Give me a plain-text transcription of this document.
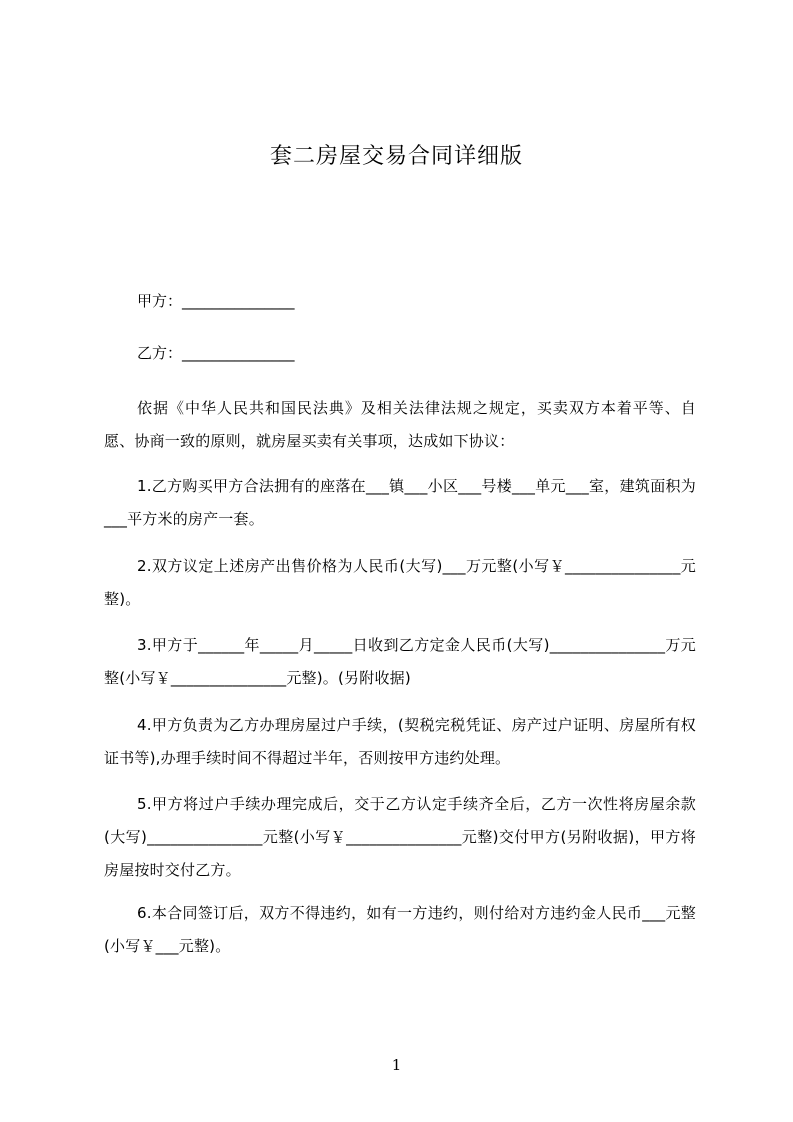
套二房屋交易合同详细版
甲方：_______________
乙方：_______________
依据《中华人民共和国民法典》及相关法律法规之规定，买卖双方本着平等、自愿、协商一致的原则，就房屋买卖有关事项，达成如下协议：
1.乙方购买甲方合法拥有的座落在___镇___小区___号楼___单元___室，建筑面积为___平方米的房产一套。
2.双方议定上述房产出售价格为人民币(大写)___万元整(小写￥_______________元整)。
3.甲方于______年_____月_____日收到乙方定金人民币(大写)_______________万元整(小写￥_______________元整)。(另附收据)
4.甲方负责为乙方办理房屋过户手续，(契税完税凭证、房产过户证明、房屋所有权证书等),办理手续时间不得超过半年，否则按甲方违约处理。
5.甲方将过户手续办理完成后，交于乙方认定手续齐全后，乙方一次性将房屋余款(大写)_______________元整(小写￥_______________元整)交付甲方(另附收据)，甲方将房屋按时交付乙方。
6.本合同签订后，双方不得违约，如有一方违约，则付给对方违约金人民币___元整(小写￥___元整)。
1
